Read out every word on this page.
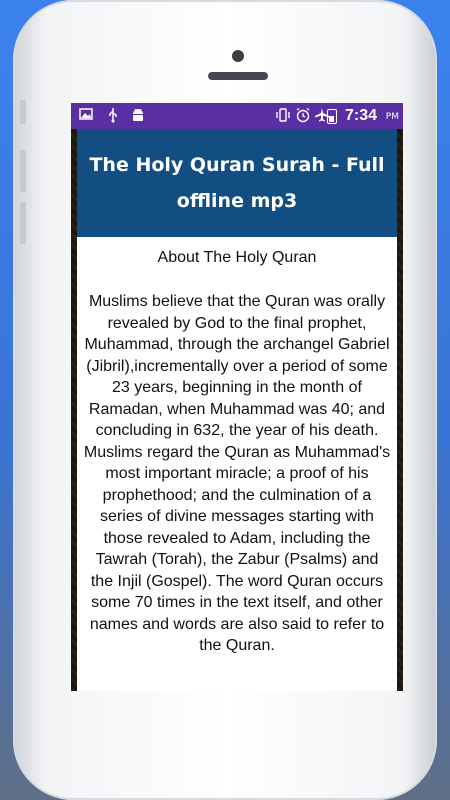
7:34 PM
The Holy Quran Surah - Full offline mp3

About The Holy Quran

Muslims believe that the Quran was orally revealed by God to the final prophet, Muhammad, through the archangel Gabriel (Jibril),incrementally over a period of some 23 years, beginning in the month of Ramadan, when Muhammad was 40; and concluding in 632, the year of his death. Muslims regard the Quran as Muhammad's most important miracle; a proof of his prophethood; and the culmination of a series of divine messages starting with those revealed to Adam, including the Tawrah (Torah), the Zabur (Psalms) and the Injil (Gospel). The word Quran occurs some 70 times in the text itself, and other names and words are also said to refer to the Quran.
